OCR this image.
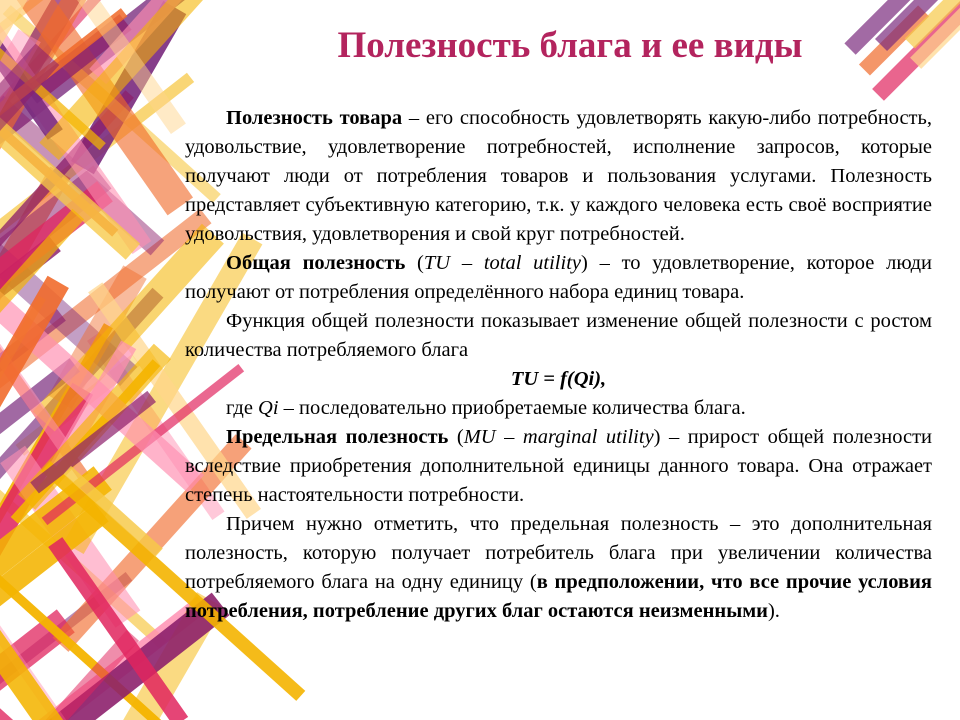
Полезность блага и ее виды

Полезность товара – его способность удовлетворять какую-либо потребность, удовольствие, удовлетворение потребностей, исполнение запросов, которые получают люди от потребления товаров и пользования услугами. Полезность представляет субъективную категорию, т.к. у каждого человека есть своё восприятие удовольствия, удовлетворения и свой круг потребностей.

Общая полезность (TU – total utility) – то удовлетворение, которое люди получают от потребления определённого набора единиц товара.

Функция общей полезности показывает изменение общей полезности с ростом количества потребляемого блага

TU = f(Qi),

где Qi – последовательно приобретаемые количества блага.

Предельная полезность (MU – marginal utility) – прирост общей полезности вследствие приобретения дополнительной единицы данного товара. Она отражает степень настоятельности потребности.

Причем нужно отметить, что предельная полезность – это дополнительная полезность, которую получает потребитель блага при увеличении количества потребляемого блага на одну единицу (в предположении, что все прочие условия потребления, потребление других благ остаются неизменными).
